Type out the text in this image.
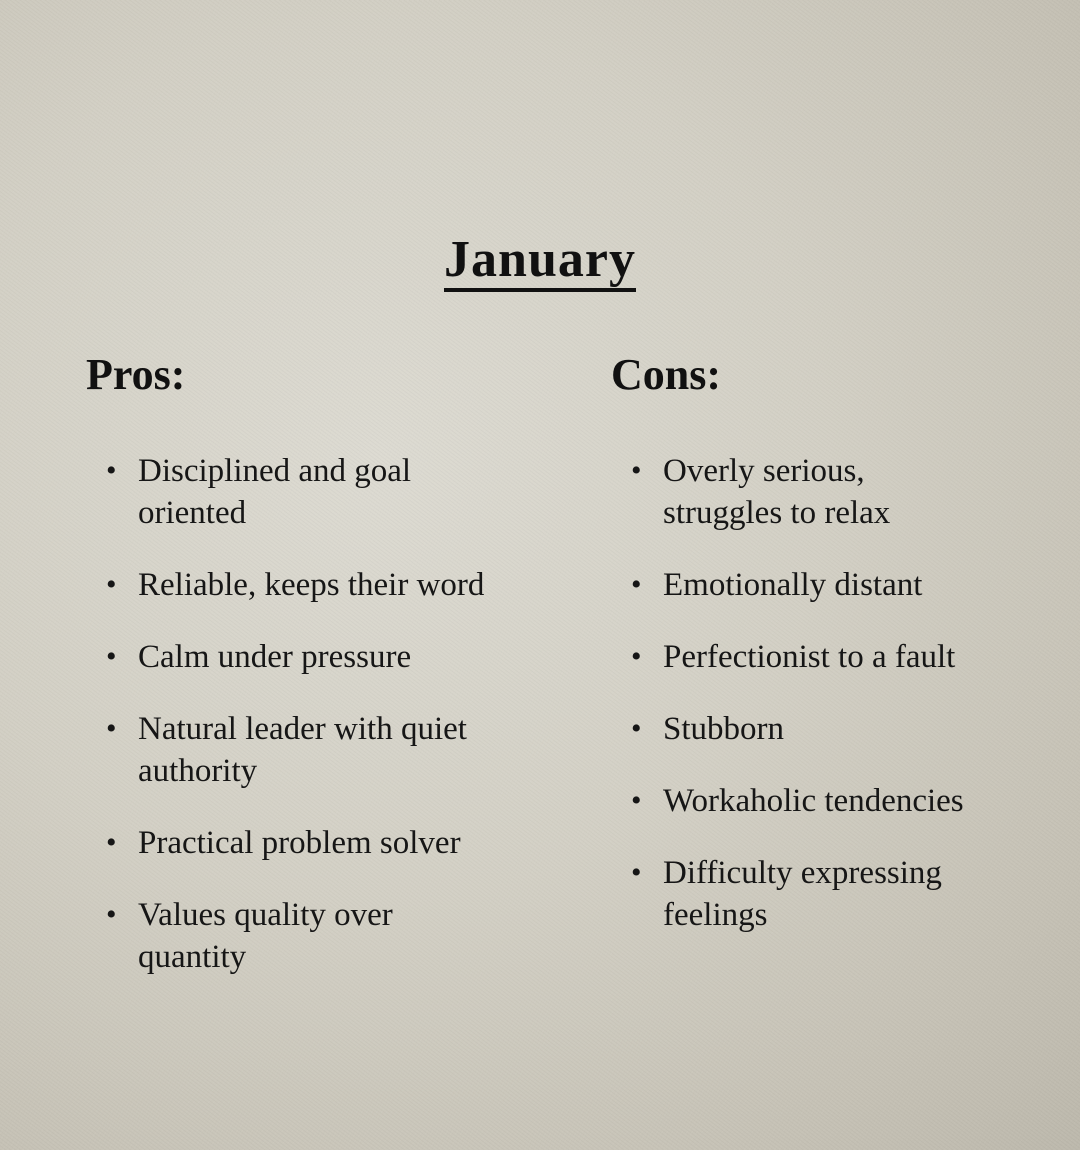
January
Pros:
• Disciplined and goal oriented
• Reliable, keeps their word
• Calm under pressure
• Natural leader with quiet authority
• Practical problem solver
• Values quality over quantity
Cons:
• Overly serious, struggles to relax
• Emotionally distant
• Perfectionist to a fault
• Stubborn
• Workaholic tendencies
• Difficulty expressing feelings
